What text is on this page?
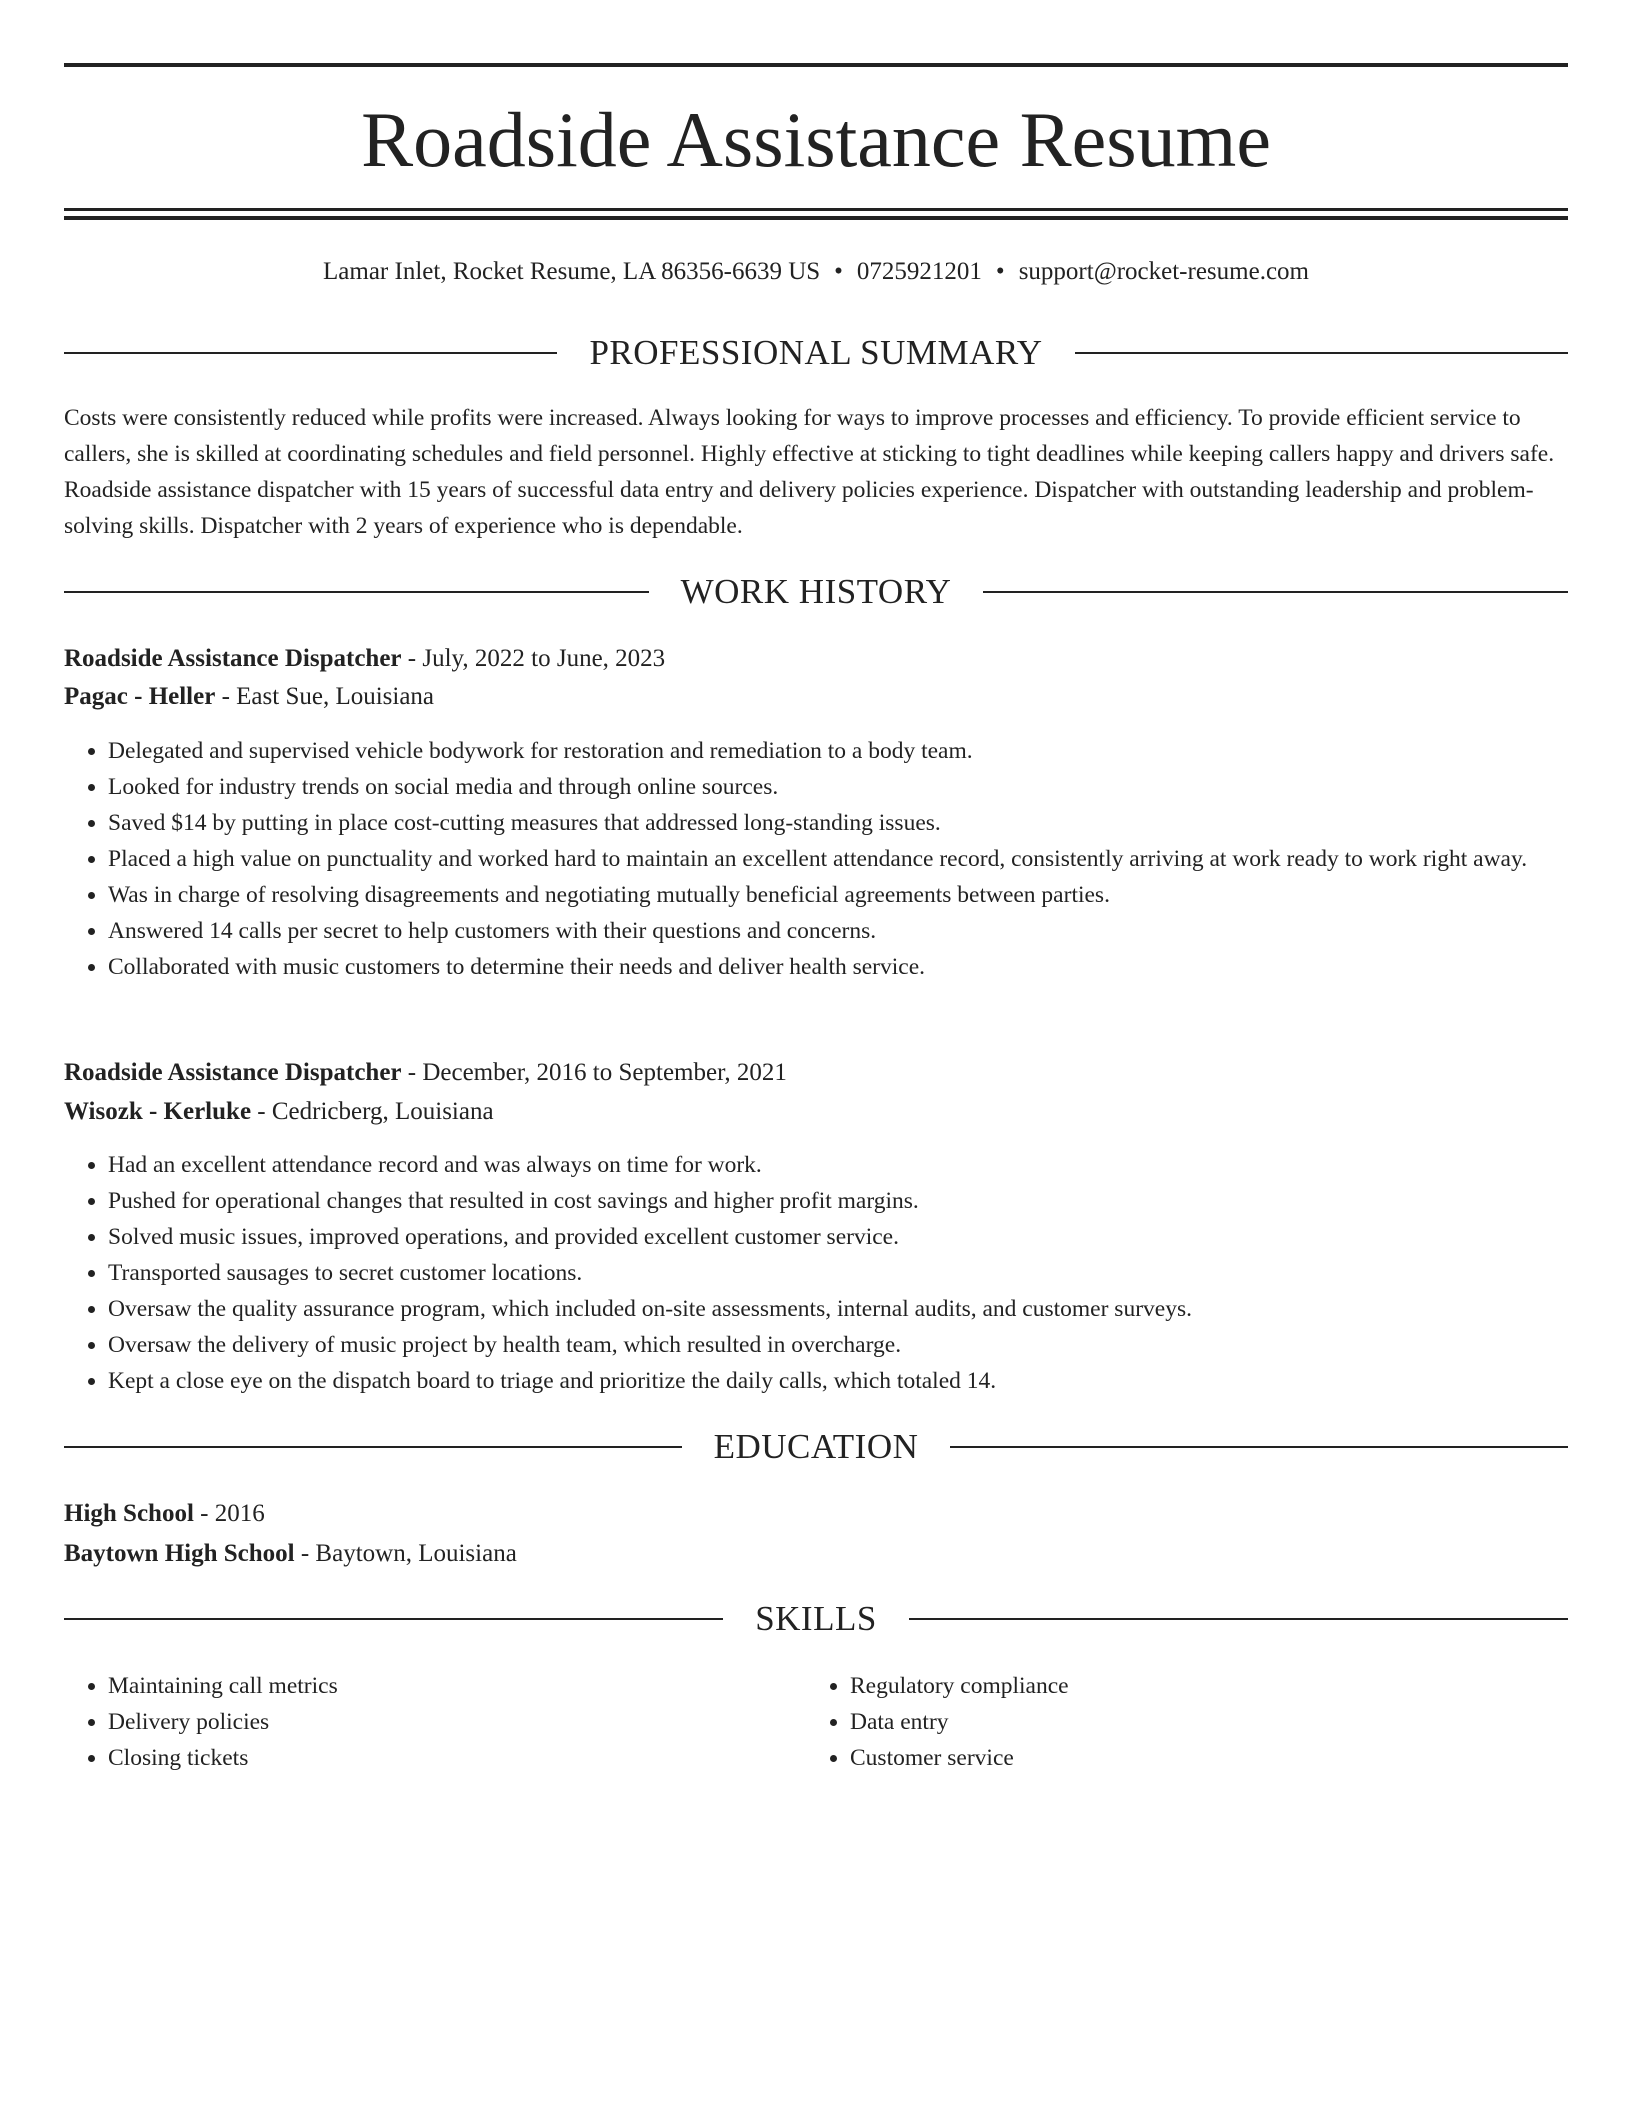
Roadside Assistance Resume
Lamar Inlet, Rocket Resume, LA 86356-6639 US • 0725921201 • support@rocket-resume.com
PROFESSIONAL SUMMARY

Costs were consistently reduced while profits were increased. Always looking for ways to improve processes and efficiency. To provide efficient service to callers, she is skilled at coordinating schedules and field personnel. Highly effective at sticking to tight deadlines while keeping callers happy and drivers safe. Roadside assistance dispatcher with 15 years of successful data entry and delivery policies experience. Dispatcher with outstanding leadership and problem-solving skills. Dispatcher with 2 years of experience who is dependable.

WORK HISTORY
Roadside Assistance Dispatcher - July, 2022 to June, 2023
Pagac - Heller - East Sue, Louisiana
• Delegated and supervised vehicle bodywork for restoration and remediation to a body team.
• Looked for industry trends on social media and through online sources.
• Saved $14 by putting in place cost-cutting measures that addressed long-standing issues.
• Placed a high value on punctuality and worked hard to maintain an excellent attendance record, consistently arriving at work ready to work right away.
• Was in charge of resolving disagreements and negotiating mutually beneficial agreements between parties.
• Answered 14 calls per secret to help customers with their questions and concerns.
• Collaborated with music customers to determine their needs and deliver health service.
Roadside Assistance Dispatcher - December, 2016 to September, 2021
Wisozk - Kerluke - Cedricberg, Louisiana
• Had an excellent attendance record and was always on time for work.
• Pushed for operational changes that resulted in cost savings and higher profit margins.
• Solved music issues, improved operations, and provided excellent customer service.
• Transported sausages to secret customer locations.
• Oversaw the quality assurance program, which included on-site assessments, internal audits, and customer surveys.
• Oversaw the delivery of music project by health team, which resulted in overcharge.
• Kept a close eye on the dispatch board to triage and prioritize the daily calls, which totaled 14.
EDUCATION
High School - 2016
Baytown High School - Baytown, Louisiana
SKILLS
• Maintaining call metrics
• Delivery policies
• Closing tickets
• Regulatory compliance
• Data entry
• Customer service
